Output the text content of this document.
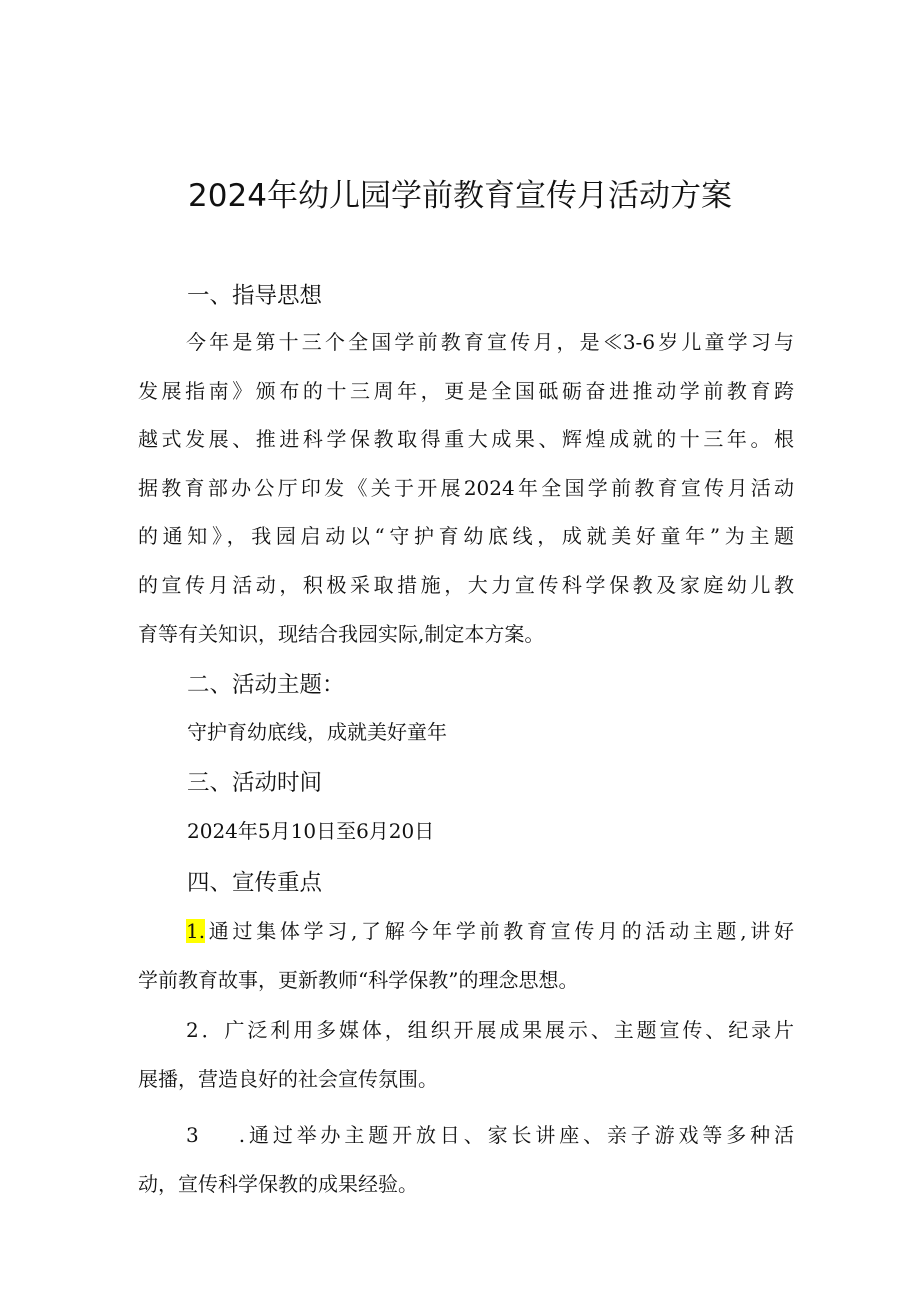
2024年幼儿园学前教育宣传月活动方案
一、指导思想
今年是第十三个全国学前教育宣传月，是≪3-6岁儿童学习与
发展指南》颁布的十三周年，更是全国砥砺奋进推动学前教育跨
越式发展、推进科学保教取得重大成果、辉煌成就的十三年。根
据教育部办公厅印发《关于开展2024年全国学前教育宣传月活动
的通知》，我园启动以“守护育幼底线，成就美好童年”为主题
的宣传月活动，积极采取措施，大力宣传科学保教及家庭幼儿教
育等有关知识，现结合我园实际,制定本方案。
二、活动主题：
守护育幼底线，成就美好童年
三、活动时间
2024年5月10日至6月20日
四、宣传重点
1.通过集体学习,了解今年学前教育宣传月的活动主题,讲好
学前教育故事，更新教师“科学保教”的理念思想。
2．广泛利用多媒体，组织开展成果展示、主题宣传、纪录片
展播，营造良好的社会宣传氛围。
3 .通过举办主题开放日、家长讲座、亲子游戏等多种活
动，宣传科学保教的成果经验。
